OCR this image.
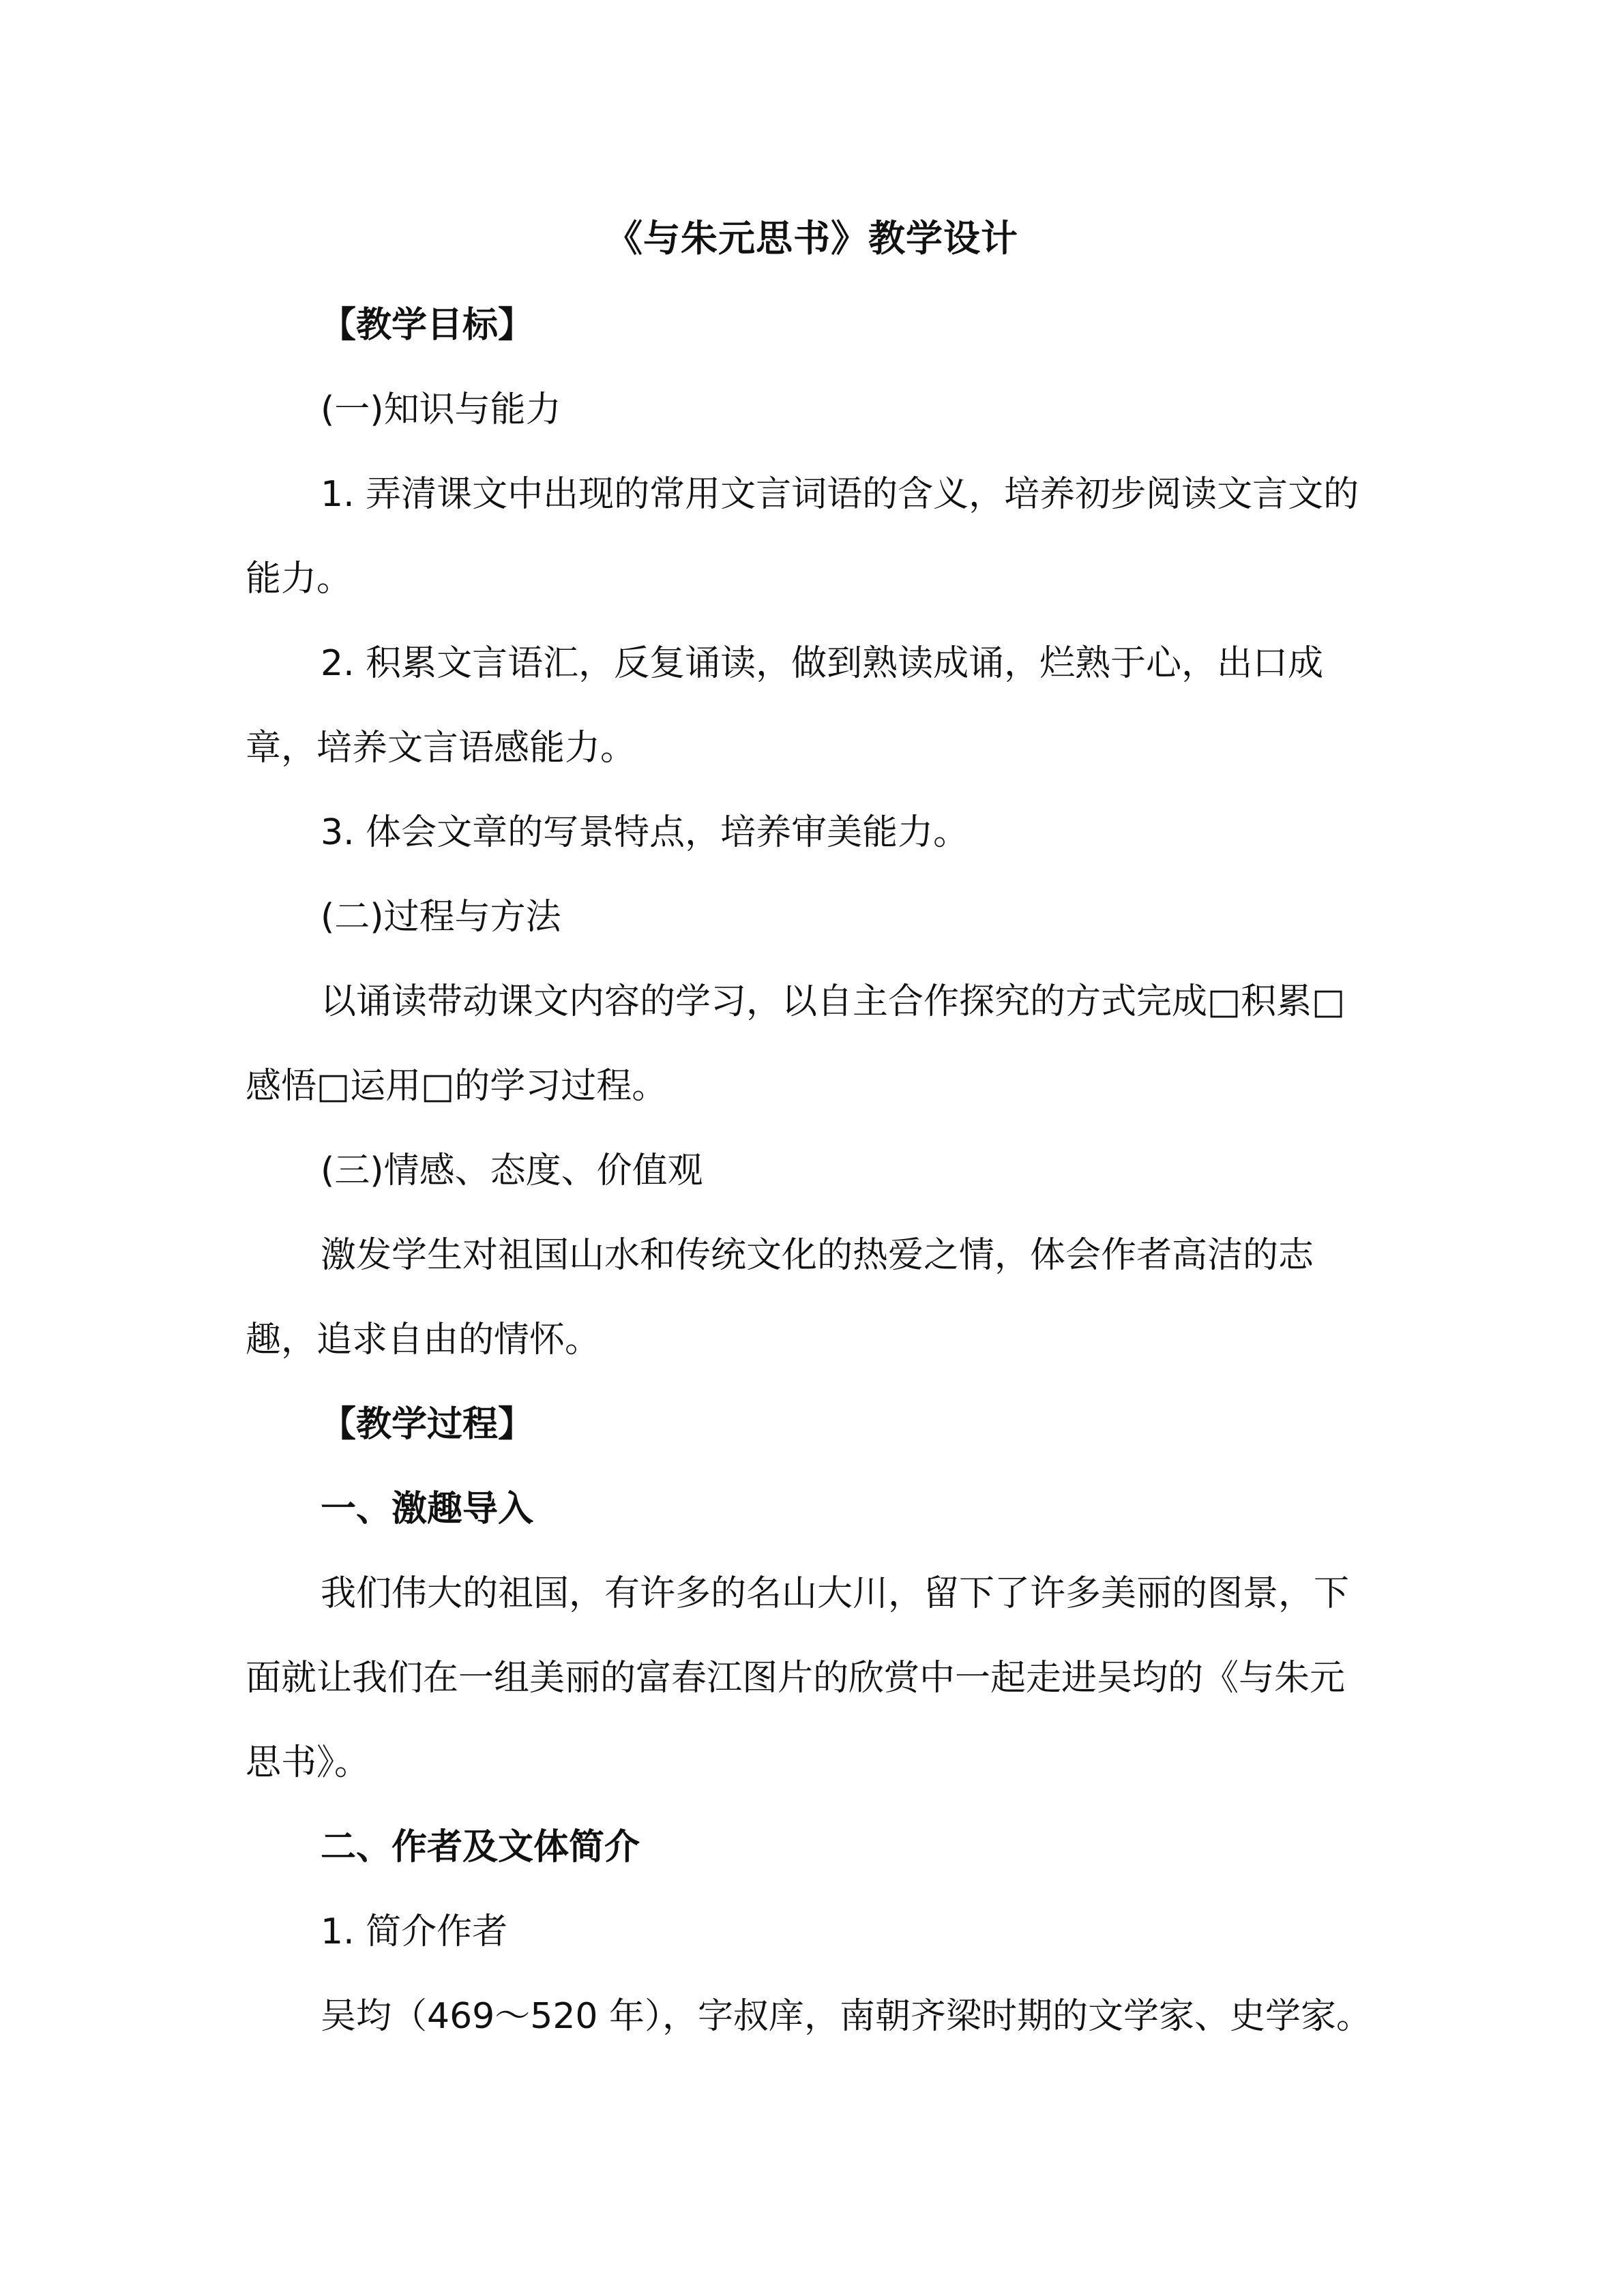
《与朱元思书》教学设计

【教学目标】

(一)知识与能力

1. 弄清课文中出现的常用文言词语的含义，培养初步阅读文言文的能力。

2. 积累文言语汇，反复诵读，做到熟读成诵，烂熟于心，出口成章，培养文言语感能力。

3. 体会文章的写景特点，培养审美能力。

(二)过程与方法

以诵读带动课文内容的学习，以自主合作探究的方式完成□积累□感悟□运用□的学习过程。

(三)情感、态度、价值观

激发学生对祖国山水和传统文化的热爱之情，体会作者高洁的志趣，追求自由的情怀。

【教学过程】

一、激趣导入

我们伟大的祖国，有许多的名山大川，留下了许多美丽的图景，下面就让我们在一组美丽的富春江图片的欣赏中一起走进吴均的《与朱元思书》。

二、作者及文体简介

1. 简介作者

吴均（469～520 年），字叔庠，南朝齐梁时期的文学家、史学家。
